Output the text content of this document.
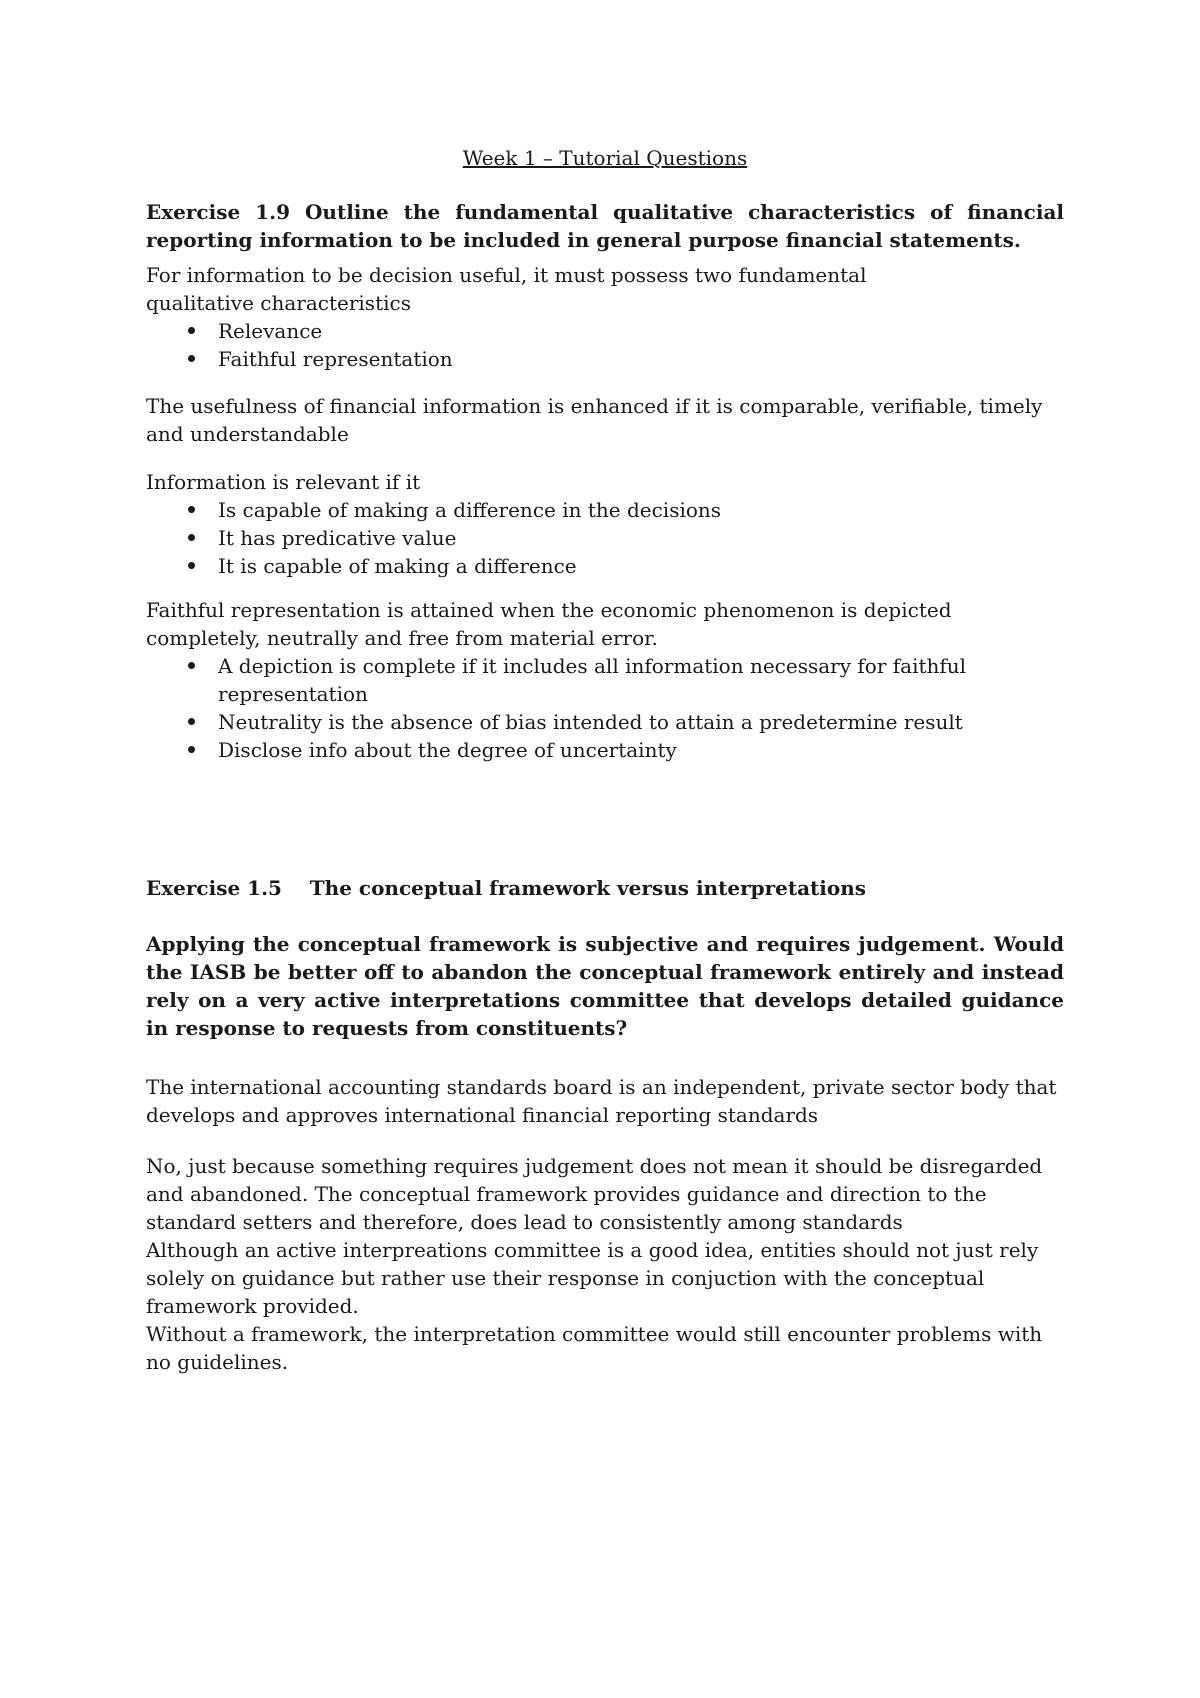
Week 1 – Tutorial Questions

Exercise 1.9 Outline the fundamental qualitative characteristics of financial reporting information to be included in general purpose financial statements.

For information to be decision useful, it must possess two fundamental qualitative characteristics

Relevance
Faithful representation

The usefulness of financial information is enhanced if it is comparable, verifiable, timely and understandable

Information is relevant if it

Is capable of making a difference in the decisions
It has predicative value
It is capable of making a difference

Faithful representation is attained when the economic phenomenon is depicted completely, neutrally and free from material error.

A depiction is complete if it includes all information necessary for faithful representation
Neutrality is the absence of bias intended to attain a predetermine result
Disclose info about the degree of uncertainty

Exercise 1.5    The conceptual framework versus interpretations

Applying the conceptual framework is subjective and requires judgement. Would the IASB be better off to abandon the conceptual framework entirely and instead rely on a very active interpretations committee that develops detailed guidance in response to requests from constituents?

The international accounting standards board is an independent, private sector body that develops and approves international financial reporting standards

No, just because something requires judgement does not mean it should be disregarded and abandoned. The conceptual framework provides guidance and direction to the standard setters and therefore, does lead to consistently among standards
Although an active interpreations committee is a good idea, entities should not just rely solely on guidance but rather use their response in conjuction with the conceptual framework provided.
Without a framework, the interpretation committee would still encounter problems with no guidelines.
